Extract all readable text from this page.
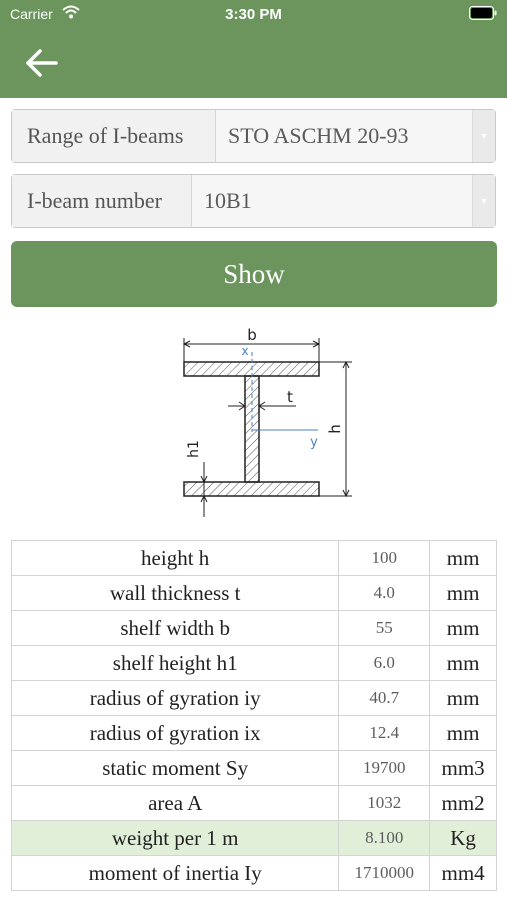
Carrier	3:30 PM
Range of I-beams	STO ASCHM 20-93	▼
I-beam number	10B1	▼
Show
b
x
y
t
h
h1
height h	100	mm
wall thickness t	4.0	mm
shelf width b	55	mm
shelf height h1	6.0	mm
radius of gyration iy	40.7	mm
radius of gyration ix	12.4	mm
static moment Sy	19700	mm3
area A	1032	mm2
weight per 1 m	8.100	Kg
moment of inertia Iy	1710000	mm4
